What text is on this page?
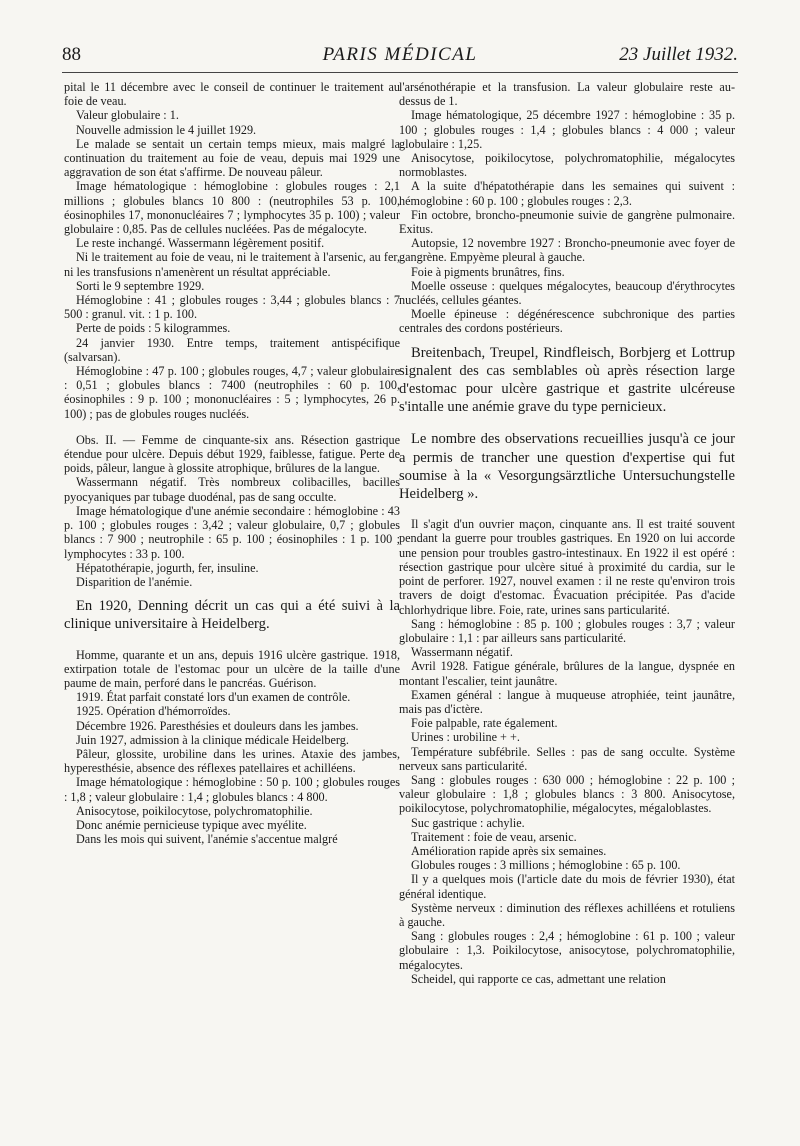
88	PARIS MÉDICAL	23 Juillet 1932.

pital le 11 décembre avec le conseil de continuer le traitement au foie de veau.

Valeur globulaire : 1.

Nouvelle admission le 4 juillet 1929.

Le malade se sentait un certain temps mieux, mais malgré la continuation du traitement au foie de veau, depuis mai 1929 une aggravation de son état s'affirme. De nouveau pâleur.

Image hématologique : hémoglobine : globules rouges : 2,1 millions ; globules blancs 10 800 : (neutrophiles 53 p. 100, éosinophiles 17, mononucléaires 7 ; lymphocytes 35 p. 100) ; valeur globulaire : 0,85. Pas de cellules nucléées. Pas de mégalocyte.

Le reste inchangé. Wassermann légèrement positif.

Ni le traitement au foie de veau, ni le traitement à l'arsenic, au fer, ni les transfusions n'amenèrent un résultat appréciable.

Sorti le 9 septembre 1929.

Hémoglobine : 41 ; globules rouges : 3,44 ; globules blancs : 7 500 : granul. vit. : 1 p. 100.

Perte de poids : 5 kilogrammes.

24 janvier 1930. Entre temps, traitement antispécifique (salvarsan).

Hémoglobine : 47 p. 100 ; globules rouges, 4,7 ; valeur globulaire : 0,51 ; globules blancs : 7400 (neutrophiles : 60 p. 100, éosinophiles : 9 p. 100 ; mononucléaires : 5 ; lymphocytes, 26 p. 100) ; pas de globules rouges nucléés.

Obs. II. — Femme de cinquante-six ans. Résection gastrique étendue pour ulcère. Depuis début 1929, faiblesse, fatigue. Perte de poids, pâleur, langue à glossite atrophique, brûlures de la langue.

Wassermann négatif. Très nombreux colibacilles, bacilles pyocyaniques par tubage duodénal, pas de sang occulte.

Image hématologique d'une anémie secondaire : hémoglobine : 43 p. 100 ; globules rouges : 3,42 ; valeur globulaire, 0,7 ; globules blancs : 7 900 ; neutrophile : 65 p. 100 ; éosinophiles : 1 p. 100 ; lymphocytes : 33 p. 100.

Hépatothérapie, jogurth, fer, insuline.

Disparition de l'anémie.

En 1920, Denning décrit un cas qui a été suivi à la clinique universitaire à Heidelberg.

Homme, quarante et un ans, depuis 1916 ulcère gastrique. 1918, extirpation totale de l'estomac pour un ulcère de la taille d'une paume de main, perforé dans le pancréas. Guérison.

1919. État parfait constaté lors d'un examen de contrôle.

1925. Opération d'hémorroïdes.

Décembre 1926. Paresthésies et douleurs dans les jambes.

Juin 1927, admission à la clinique médicale Heidelberg.

Pâleur, glossite, urobiline dans les urines. Ataxie des jambes, hyperesthésie, absence des réflexes patellaires et achilléens.

Image hématologique : hémoglobine : 50 p. 100 ; globules rouges : 1,8 ; valeur globulaire : 1,4 ; globules blancs : 4 800.

Anisocytose, poikilocytose, polychromatophilie.

Donc anémie pernicieuse typique avec myélite.

Dans les mois qui suivent, l'anémie s'accentue malgré

l'arsénothérapie et la transfusion. La valeur globulaire reste au-dessus de 1.

Image hématologique, 25 décembre 1927 : hémoglobine : 35 p. 100 ; globules rouges : 1,4 ; globules blancs : 4 000 ; valeur globulaire : 1,25.

Anisocytose, poikilocytose, polychromatophilie, mégalocytes normoblastes.

A la suite d'hépatothérapie dans les semaines qui suivent : hémoglobine : 60 p. 100 ; globules rouges : 2,3.

Fin octobre, broncho-pneumonie suivie de gangrène pulmonaire. Exitus.

Autopsie, 12 novembre 1927 : Broncho-pneumonie avec foyer de gangrène. Empyème pleural à gauche.

Foie à pigments brunâtres, fins.

Moelle osseuse : quelques mégalocytes, beaucoup d'érythrocytes nucléés, cellules géantes.

Moelle épineuse : dégénérescence subchronique des parties centrales des cordons postérieurs.

Breitenbach, Treupel, Rindfleisch, Borbjerg et Lottrup signalent des cas semblables où après résection large d'estomac pour ulcère gastrique et gastrite ulcéreuse s'intalle une anémie grave du type pernicieux.

Le nombre des observations recueillies jusqu'à ce jour a permis de trancher une question d'expertise qui fut soumise à la « Vesorgungsärztliche Untersuchungstelle Heidelberg ».

Il s'agit d'un ouvrier maçon, cinquante ans. Il est traité souvent pendant la guerre pour troubles gastriques. En 1920 on lui accorde une pension pour troubles gastro-intestinaux. En 1922 il est opéré : résection gastrique pour ulcère situé à proximité du cardia, sur le point de perforer. 1927, nouvel examen : il ne reste qu'environ trois travers de doigt d'estomac. Évacuation précipitée. Pas d'acide chlorhydrique libre. Foie, rate, urines sans particularité.

Sang : hémoglobine : 85 p. 100 ; globules rouges : 3,7 ; valeur globulaire : 1,1 : par ailleurs sans particularité.

Wassermann négatif.

Avril 1928. Fatigue générale, brûlures de la langue, dyspnée en montant l'escalier, teint jaunâtre.

Examen général : langue à muqueuse atrophiée, teint jaunâtre, mais pas d'ictère.

Foie palpable, rate également.

Urines : urobiline + +.

Température subfébrile. Selles : pas de sang occulte. Système nerveux sans particularité.

Sang : globules rouges : 630 000 ; hémoglobine : 22 p. 100 ; valeur globulaire : 1,8 ; globules blancs : 3 800. Anisocytose, poikilocytose, polychromatophilie, mégalocytes, mégaloblastes.

Suc gastrique : achylie.

Traitement : foie de veau, arsenic.

Amélioration rapide après six semaines.

Globules rouges : 3 millions ; hémoglobine : 65 p. 100.

Il y a quelques mois (l'article date du mois de février 1930), état général identique.

Système nerveux : diminution des réflexes achilléens et rotuliens à gauche.

Sang : globules rouges : 2,4 ; hémoglobine : 61 p. 100 ; valeur globulaire : 1,3. Poikilocytose, anisocytose, polychromatophilie, mégalocytes.

Scheidel, qui rapporte ce cas, admettant une relation
